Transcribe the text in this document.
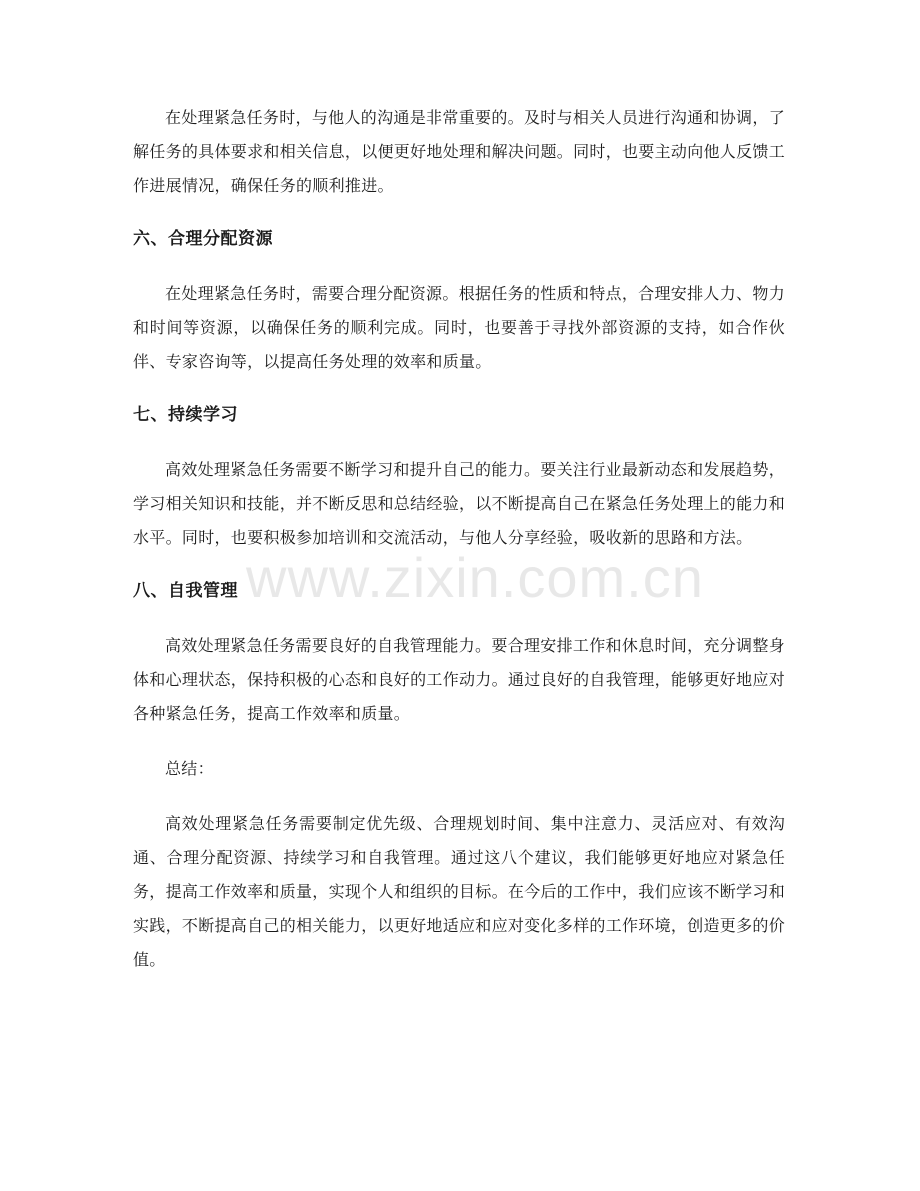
在处理紧急任务时，与他人的沟通是非常重要的。及时与相关人员进行沟通和协调，了解任务的具体要求和相关信息，以便更好地处理和解决问题。同时，也要主动向他人反馈工作进展情况，确保任务的顺利推进。

六、合理分配资源

在处理紧急任务时，需要合理分配资源。根据任务的性质和特点，合理安排人力、物力和时间等资源，以确保任务的顺利完成。同时，也要善于寻找外部资源的支持，如合作伙伴、专家咨询等，以提高任务处理的效率和质量。

七、持续学习

高效处理紧急任务需要不断学习和提升自己的能力。要关注行业最新动态和发展趋势，学习相关知识和技能，并不断反思和总结经验，以不断提高自己在紧急任务处理上的能力和水平。同时，也要积极参加培训和交流活动，与他人分享经验，吸收新的思路和方法。

八、自我管理

高效处理紧急任务需要良好的自我管理能力。要合理安排工作和休息时间，充分调整身体和心理状态，保持积极的心态和良好的工作动力。通过良好的自我管理，能够更好地应对各种紧急任务，提高工作效率和质量。

总结：

高效处理紧急任务需要制定优先级、合理规划时间、集中注意力、灵活应对、有效沟通、合理分配资源、持续学习和自我管理。通过这八个建议，我们能够更好地应对紧急任务，提高工作效率和质量，实现个人和组织的目标。在今后的工作中，我们应该不断学习和实践，不断提高自己的相关能力，以更好地适应和应对变化多样的工作环境，创造更多的价值。

www.zixin.com.cn
